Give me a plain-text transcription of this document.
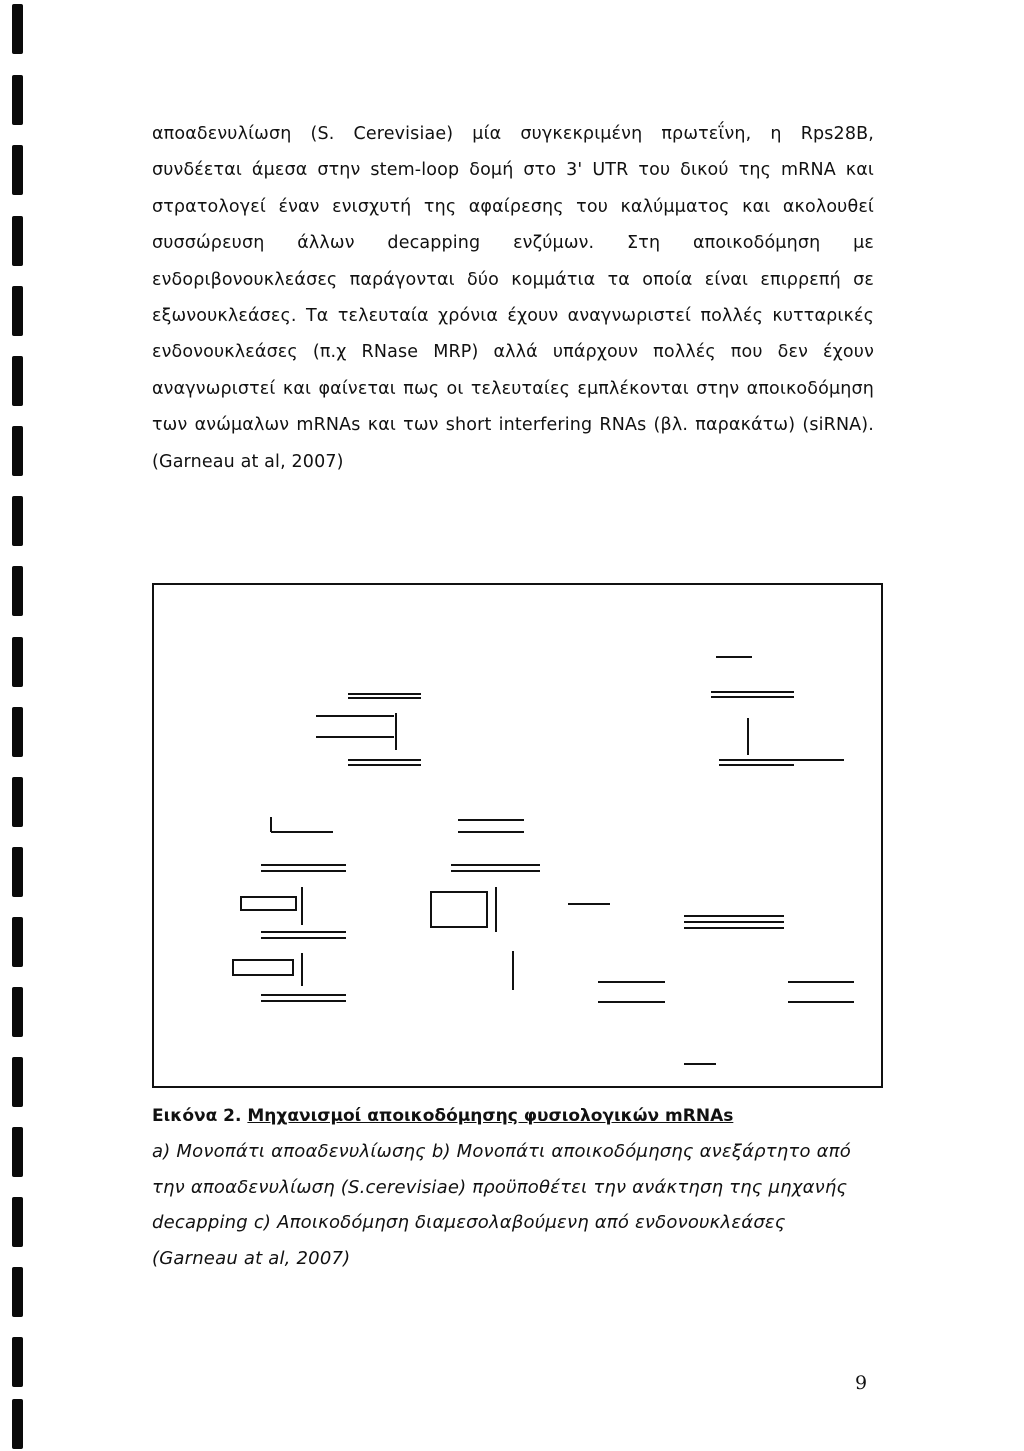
αποαδενυλίωση (S. Cerevisiae) μία συγκεκριμένη πρωτεΐνη, η Rps28B, συνδέεται άμεσα στην stem-loop δομή στο 3' UTR του δικού της mRNA και στρατολογεί έναν ενισχυτή της αφαίρεσης του καλύμματος και ακολουθεί συσσώρευση άλλων decapping ενζύμων. Στη αποικοδόμηση με ενδοριβονουκλεάσες παράγονται δύο κομμάτια τα οποία είναι επιρρεπή σε εξωνουκλεάσες. Τα τελευταία χρόνια έχουν αναγνωριστεί πολλές κυτταρικές ενδονουκλεάσες (π.χ RNase MRP) αλλά υπάρχουν πολλές που δεν έχουν αναγνωριστεί και φαίνεται πως οι τελευταίες εμπλέκονται στην αποικοδόμηση των ανώμαλων mRNAs και των short interfering RNAs (βλ. παρακάτω) (siRNA). (Garneau at al, 2007)

Εικόνα 2. Μηχανισμοί αποικοδόμησης φυσιολογικών mRNAs

a) Μονοπάτι αποαδενυλίωσης b) Μονοπάτι αποικοδόμησης ανεξάρτητο από την αποαδενυλίωση (S.cerevisiae) προϋποθέτει την ανάκτηση της μηχανής decapping c) Αποικοδόμηση διαμεσολαβούμενη από ενδονουκλεάσες (Garneau at al, 2007)

9
